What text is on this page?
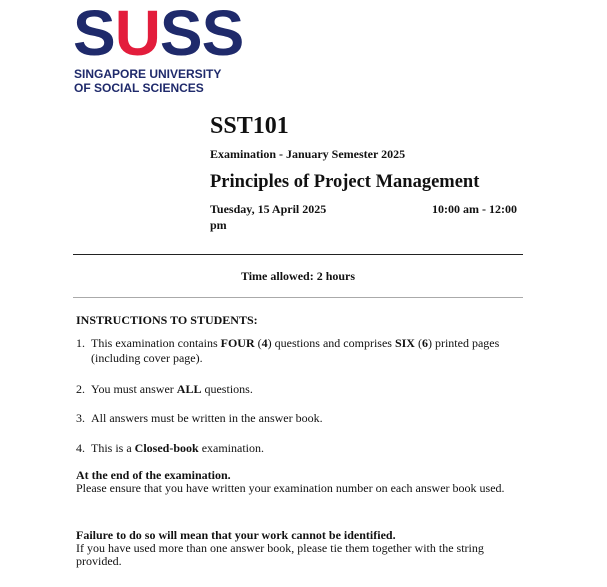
SUSS
SINGAPORE UNIVERSITY
OF SOCIAL SCIENCES
SST101
Examination - January Semester 2025
Principles of Project Management
Tuesday, 15 April 2025	10:00 am - 12:00
pm
Time allowed: 2 hours
INSTRUCTIONS TO STUDENTS:
1. This examination contains FOUR (4) questions and comprises SIX (6) printed pages (including cover page).
2. You must answer ALL questions.
3. All answers must be written in the answer book.
4. This is a Closed-book examination.
At the end of the examination.
Please ensure that you have written your examination number on each answer book used.
Failure to do so will mean that your work cannot be identified.
If you have used more than one answer book, please tie them together with the string provided.
